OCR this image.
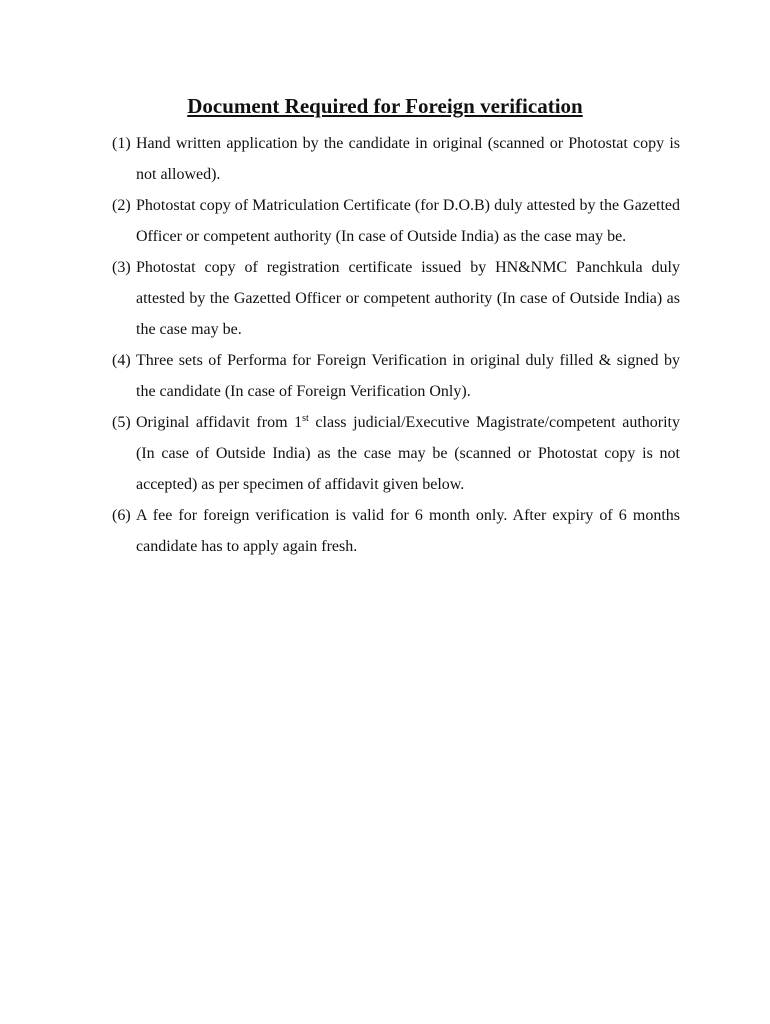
Document Required for Foreign verification
(1) Hand written application by the candidate in original (scanned or Photostat copy is not allowed).
(2) Photostat copy of Matriculation Certificate (for D.O.B) duly attested by the Gazetted Officer or competent authority (In case of Outside India) as the case may be.
(3) Photostat copy of registration certificate issued by HN&NMC Panchkula duly attested by the Gazetted Officer or competent authority (In case of Outside India) as the case may be.
(4) Three sets of Performa for Foreign Verification in original duly filled & signed by the candidate (In case of Foreign Verification Only).
(5) Original affidavit from 1st class judicial/Executive Magistrate/competent authority (In case of Outside India) as the case may be (scanned or Photostat copy is not accepted) as per specimen of affidavit given below.
(6) A fee for foreign verification is valid for 6 month only. After expiry of 6 months candidate has to apply again fresh.
